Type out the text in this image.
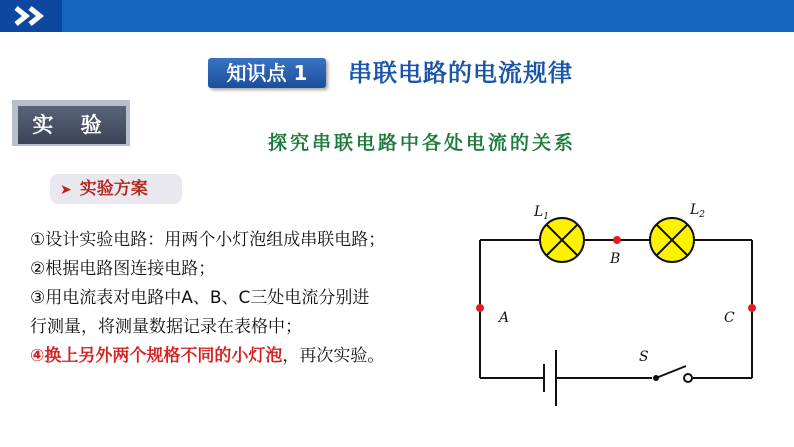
知识点 1	串联电路的电流规律
实 验
探究串联电路中各处电流的关系
➤ 实验方案
①设计实验电路：用两个小灯泡组成串联电路；
②根据电路图连接电路；
③用电流表对电路中A、B、C三处电流分别进
行测量，将测量数据记录在表格中；
④换上另外两个规格不同的小灯泡，再次实验。	S
$L_1$	$L_2$
B
A	C
